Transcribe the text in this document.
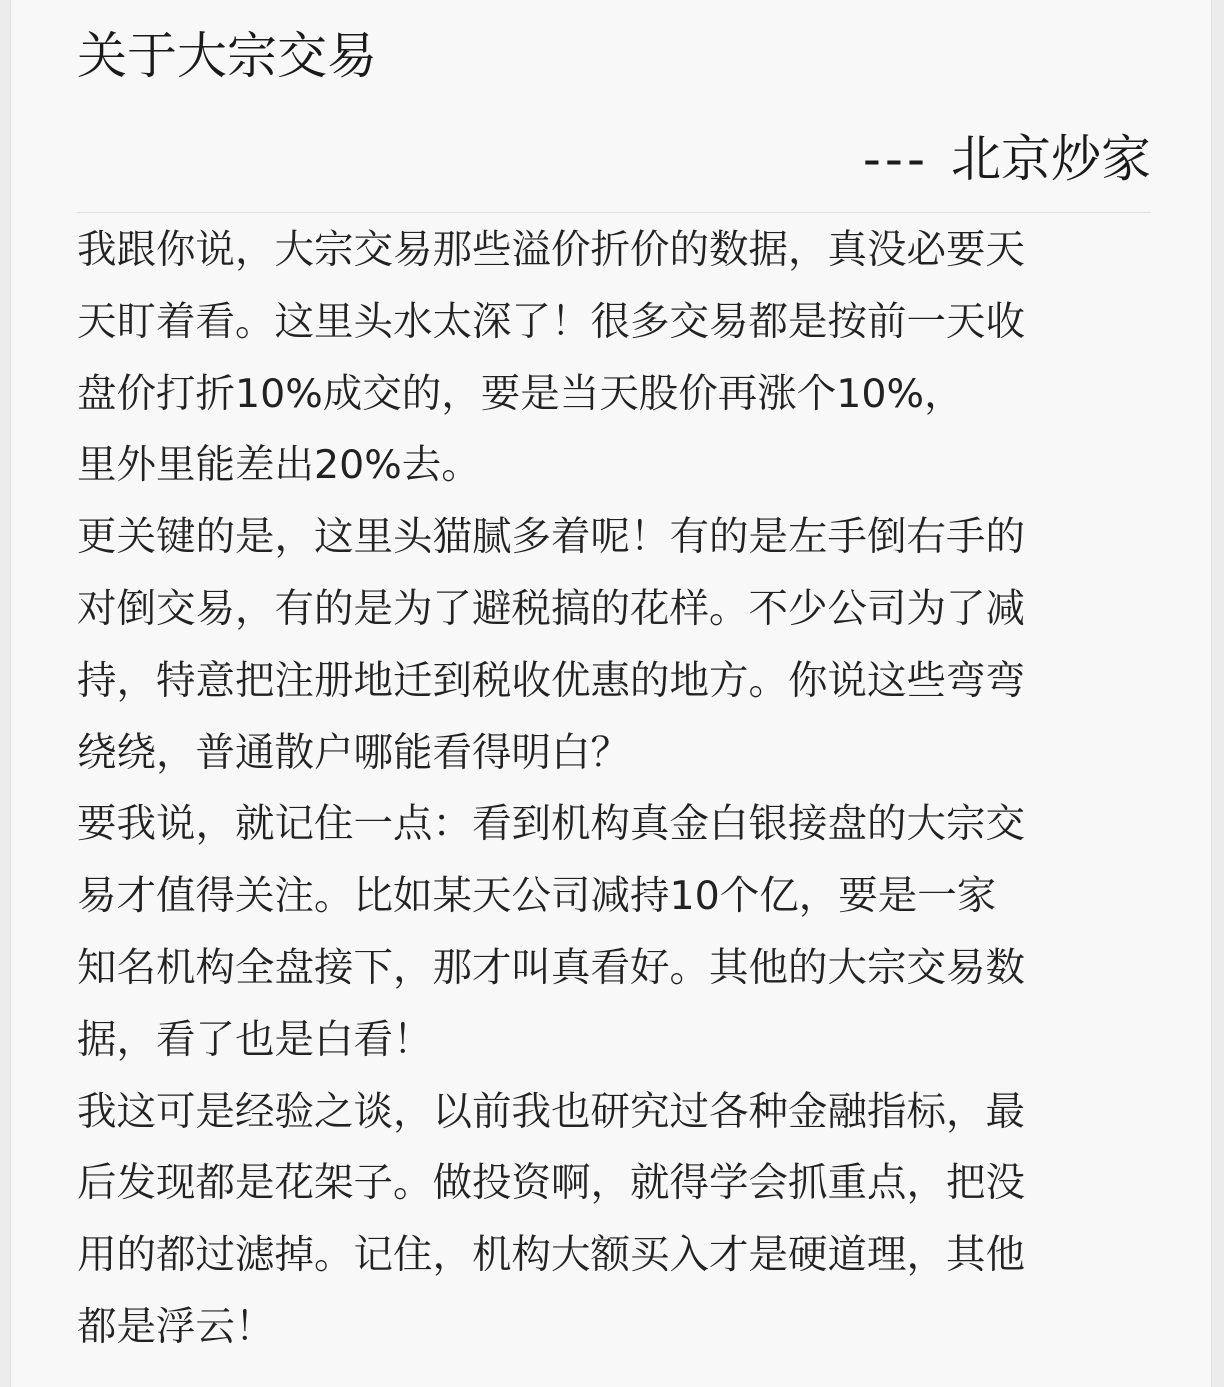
关于大宗交易
--- 北京炒家
我跟你说，大宗交易那些溢价折价的数据，真没必要天
天盯着看。这里头水太深了！很多交易都是按前一天收
盘价打折10%成交的，要是当天股价再涨个10%，
里外里能差出20%去。
更关键的是，这里头猫腻多着呢！有的是左手倒右手的
对倒交易，有的是为了避税搞的花样。不少公司为了减
持，特意把注册地迁到税收优惠的地方。你说这些弯弯
绕绕，普通散户哪能看得明白？
要我说，就记住一点：看到机构真金白银接盘的大宗交
易才值得关注。比如某天公司减持10个亿，要是一家
知名机构全盘接下，那才叫真看好。其他的大宗交易数
据，看了也是白看！
我这可是经验之谈，以前我也研究过各种金融指标，最
后发现都是花架子。做投资啊，就得学会抓重点，把没
用的都过滤掉。记住，机构大额买入才是硬道理，其他
都是浮云！
